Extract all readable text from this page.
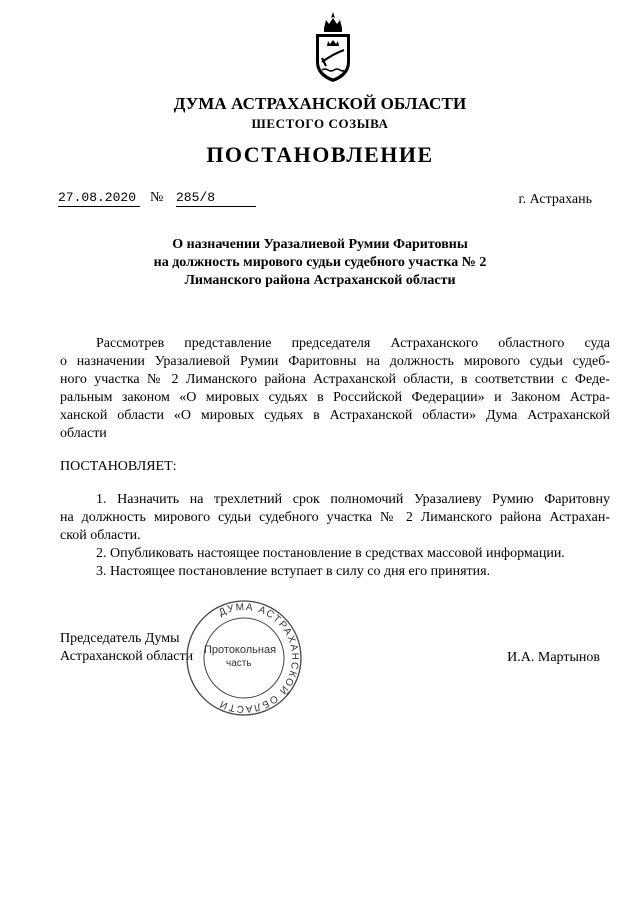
ДУМА АСТРАХАНСКОЙ ОБЛАСТИ
ШЕСТОГО СОЗЫВА
ПОСТАНОВЛЕНИЕ
27.08.2020 № 285/8	г. Астрахань
О назначении Уразалиевой Румии Фаритовны
на должность мирового судьи судебного участка № 2
Лиманского района Астраханской области
Рассмотрев представление председателя Астраханского областного суда
о назначении Уразалиевой Румии Фаритовны на должность мирового судьи судеб-
ного участка № 2 Лиманского района Астраханской области, в соответствии с Феде-
ральным законом «О мировых судьях в Российской Федерации» и Законом Астра-
ханской области «О мировых судьях в Астраханской области» Дума Астраханской
области
ПОСТАНОВЛЯЕТ:
1. Назначить на трехлетний срок полномочий Уразалиеву Румию Фаритовну
на должность мирового судьи судебного участка № 2 Лиманского района Астрахан-
ской области.
2. Опубликовать настоящее постановление в средствах массовой информации.
3. Настоящее постановление вступает в силу со дня его принятия.
Председатель Думы
Астраханской области	И.А. Мартынов
ДУМА АСТРАХАНСКОЙ ОБЛАСТИ
Протокольная
часть
